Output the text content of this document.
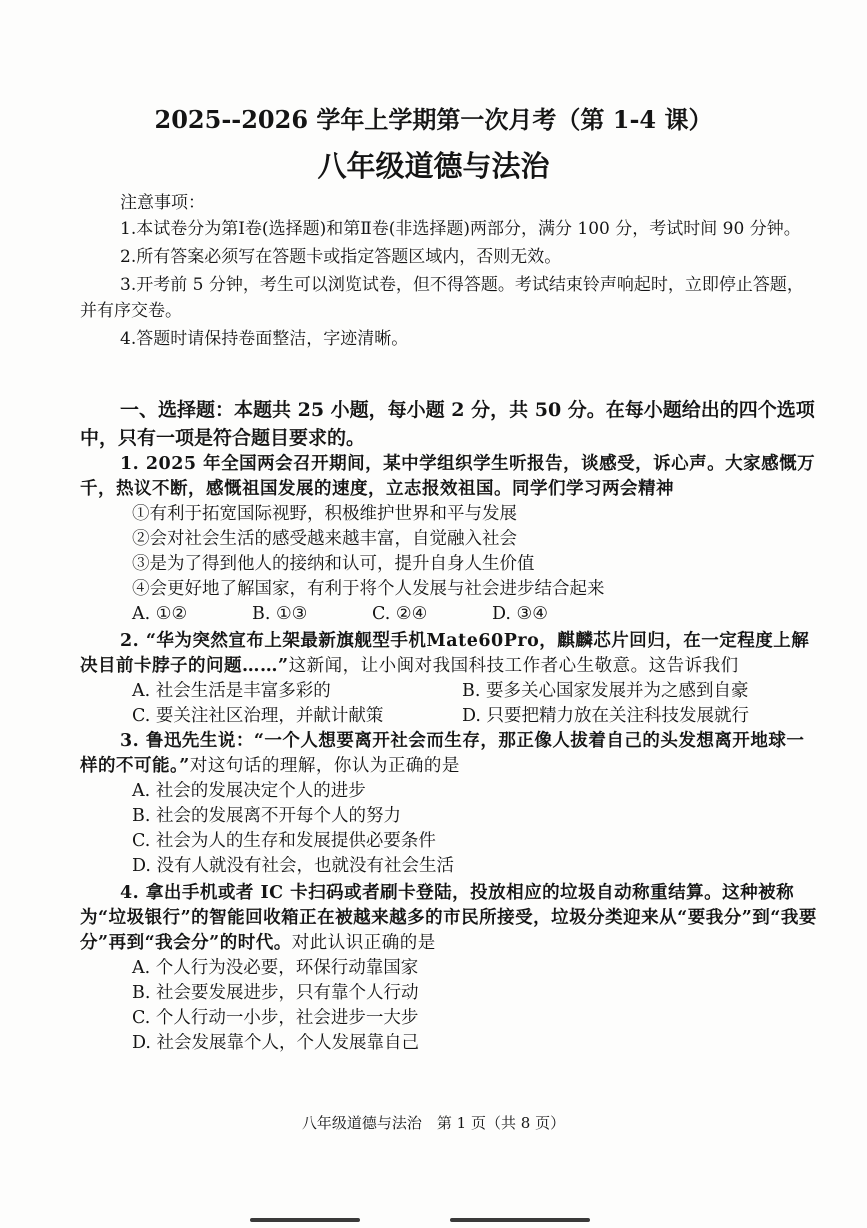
2025--2026 学年上学期第一次月考（第 1-4 课）
八年级道德与法治
注意事项：

1.本试卷分为第Ⅰ卷(选择题)和第Ⅱ卷(非选择题)两部分，满分 100 分，考试时间 90 分钟。

2.所有答案必须写在答题卡或指定答题区域内，否则无效。

3.开考前 5 分钟，考生可以浏览试卷，但不得答题。考试结束铃声响起时，立即停止答题，并有序交卷。

4.答题时请保持卷面整洁，字迹清晰。

一、选择题：本题共 25 小题，每小题 2 分，共 50 分。在每小题给出的四个选项中，只有一项是符合题目要求的。

1. 2025 年全国两会召开期间，某中学组织学生听报告，谈感受，诉心声。大家感慨万千，热议不断，感慨祖国发展的速度，立志报效祖国。同学们学习两会精神

①有利于拓宽国际视野，积极维护世界和平与发展

②会对社会生活的感受越来越丰富，自觉融入社会

③是为了得到他人的接纳和认可，提升自身人生价值

④会更好地了解国家，有利于将个人发展与社会进步结合起来

A. ①②	B. ①③	C. ②④	D. ③④

2. “华为突然宣布上架最新旗舰型手机Mate60Pro，麒麟芯片回归，在一定程度上解决目前卡脖子的问题……”这新闻，让小闽对我国科技工作者心生敬意。这告诉我们

A. 社会生活是丰富多彩的	B. 要多关心国家发展并为之感到自豪
C. 要关注社区治理，并献计献策	D. 只要把精力放在关注科技发展就行

3. 鲁迅先生说：“一个人想要离开社会而生存，那正像人拔着自己的头发想离开地球一样的不可能。”对这句话的理解，你认为正确的是

A. 社会的发展决定个人的进步

B. 社会的发展离不开每个人的努力

C. 社会为人的生存和发展提供必要条件

D. 没有人就没有社会，也就没有社会生活

4. 拿出手机或者 IC 卡扫码或者刷卡登陆，投放相应的垃圾自动称重结算。这种被称为“垃圾银行”的智能回收箱正在被越来越多的市民所接受，垃圾分类迎来从“要我分”到“我要分”再到“我会分”的时代。对此认识正确的是

A. 个人行为没必要，环保行动靠国家

B. 社会要发展进步，只有靠个人行动

C. 个人行动一小步，社会进步一大步

D. 社会发展靠个人，个人发展靠自己

八年级道德与法治　第 1 页（共 8 页）
